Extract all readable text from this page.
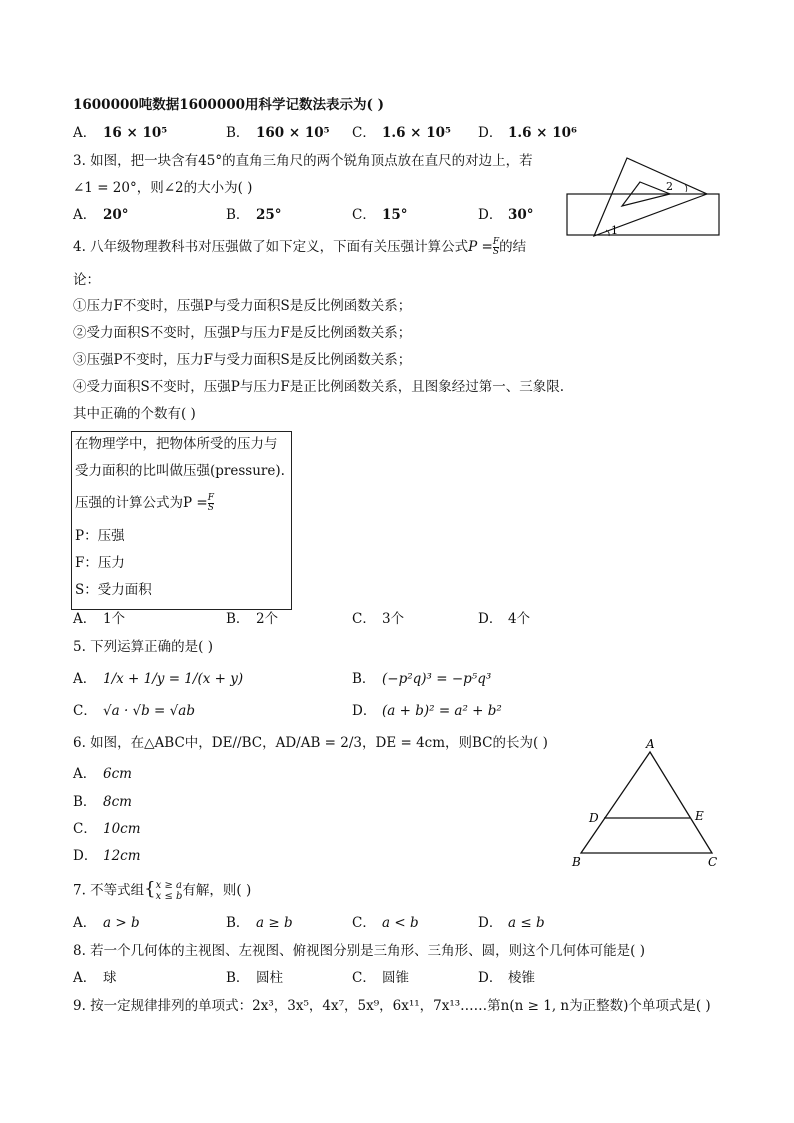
1600000吨数据1600000用科学记数法表示为( )
A． 16 × 10⁵	B． 160 × 10⁵ C． 1.6 × 10⁵ D． 1.6 × 10⁶
3. 如图，把一块含有45°的直角三角尺的两个锐角顶点放在直尺的对边上，若
∠1 = 20°，则∠2的大小为( )
A． 20°	B． 25°	C． 15°	D． 30°
2
1
4. 八年级物理教科书对压强做了如下定义，下面有关压强计算公式$P = \frac{F}{S}$ 的结
论：
①压力F不变时，压强P与受力面积S是反比例函数关系；
②受力面积S不变时，压强P与压力F是反比例函数关系；
③压强P不变时，压力F与受力面积S是反比例函数关系；
④受力面积S不变时，压强P与压力F是正比例函数关系，且图象经过第一、三象限.
其中正确的个数有( )
在物理学中，把物体所受的压力与
受力面积的比叫做压强(pressure).
压强的计算公式为$P = \frac{F}{S}$
P：压强
F：压力
S：受力面积
A． 1个	B． 2个	C． 3个	D． 4个
5. 下列运算正确的是( )
A． 1/x + 1/y = 1/(x + y)	B． (−p²q)³ = −p⁵q³
C． √a · √b = √ab	D． (a + b)² = a² + b²
6. 如图，在△ABC中，DE//BC，AD/AB = 2/3，DE = 4cm，则BC的长为( )
A． 6cm
B． 8cm
C． 10cm
D． 12cm
A
B	C
D	E
7. 不等式组{ x ≥ a
x ≤ b 有解，则( )
A． a > b	B． a ≥ b	C． a < b	D． a ≤ b
8. 若一个几何体的主视图、左视图、俯视图分别是三角形、三角形、圆，则这个几何体可能是( )
A． 球	B． 圆柱	C． 圆锥	D． 棱锥
9. 按一定规律排列的单项式：2x³，3x⁵，4x⁷，5x⁹，6x¹¹，7x¹³……第n(n ≥ 1, n为正整数)个单项式是( )
